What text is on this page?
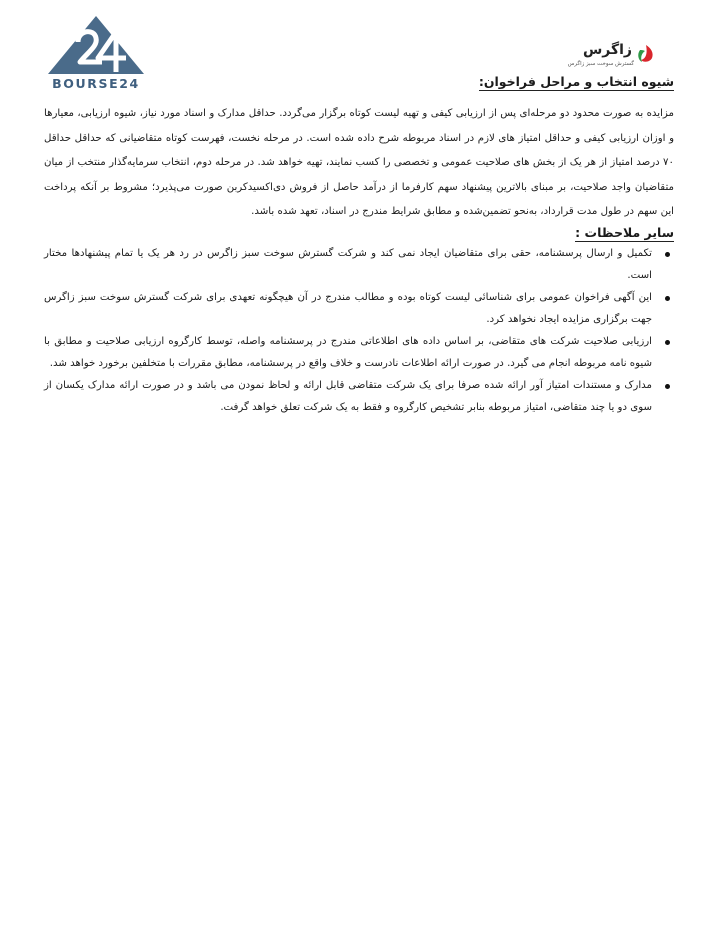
BOURSE24
زاگرس
گسترش سوخت سبز زاگرس
شیوه انتخاب و مراحل فراخوان:
مزایده به صورت محدود دو مرحله‌ای پس از ارزیابی کیفی و تهیه لیست کوتاه برگزار می‌گردد. حداقل مدارک و اسناد مورد نیاز، شیوه ارزیابی، معیارها و اوزان ارزیابی کیفی و حداقل امتیاز های لازم در اسناد مربوطه شرح داده شده است. در مرحله نخست، فهرست کوتاه متقاضیانی که حداقل حداقل ۷۰ درصد امتیاز از هر یک از بخش های صلاحیت عمومی و تخصصی را کسب نمایند، تهیه خواهد شد. در مرحله دوم، انتخاب سرمایه‌گذار منتخب از میان متقاضیان واجد صلاحیت، بر مبنای بالاترین پیشنهاد سهم کارفرما از درآمد حاصل از فروش دی‌اکسیدکربن صورت می‌پذیرد؛ مشروط بر آنکه پرداخت این سهم در طول مدت قرارداد، به‌نحو تضمین‌شده و مطابق شرایط مندرج در اسناد، تعهد شده باشد.
سایر ملاحظات :
تکمیل و ارسال پرسشنامه، حقی برای متقاضیان ایجاد نمی کند و شرکت گسترش سوخت سبز زاگرس در رد هر یک یا تمام پیشنهادها مختار است.
این آگهی فراخوان عمومی برای شناسائی لیست کوتاه بوده و مطالب مندرج در آن هیچگونه تعهدی برای شرکت گسترش سوخت سبز زاگرس جهت برگزاری مزایده ایجاد نخواهد کرد.
ارزیابی صلاحیت شرکت های متقاضی، بر اساس داده های اطلاعاتی مندرج در پرسشنامه واصله، توسط کارگروه ارزیابی صلاحیت و مطابق با شیوه نامه مربوطه انجام می گیرد. در صورت ارائه اطلاعات نادرست و خلاف واقع در پرسشنامه، مطابق مقررات با متخلفین برخورد خواهد شد.
مدارک و مستندات امتیاز آور ارائه شده صرفا برای یک شرکت متقاضی قابل ارائه و لحاظ نمودن می باشد و در صورت ارائه مدارک یکسان از سوی دو یا چند متقاضی، امتیاز مربوطه بنابر تشخیص کارگروه و فقط به یک شرکت تعلق خواهد گرفت.
